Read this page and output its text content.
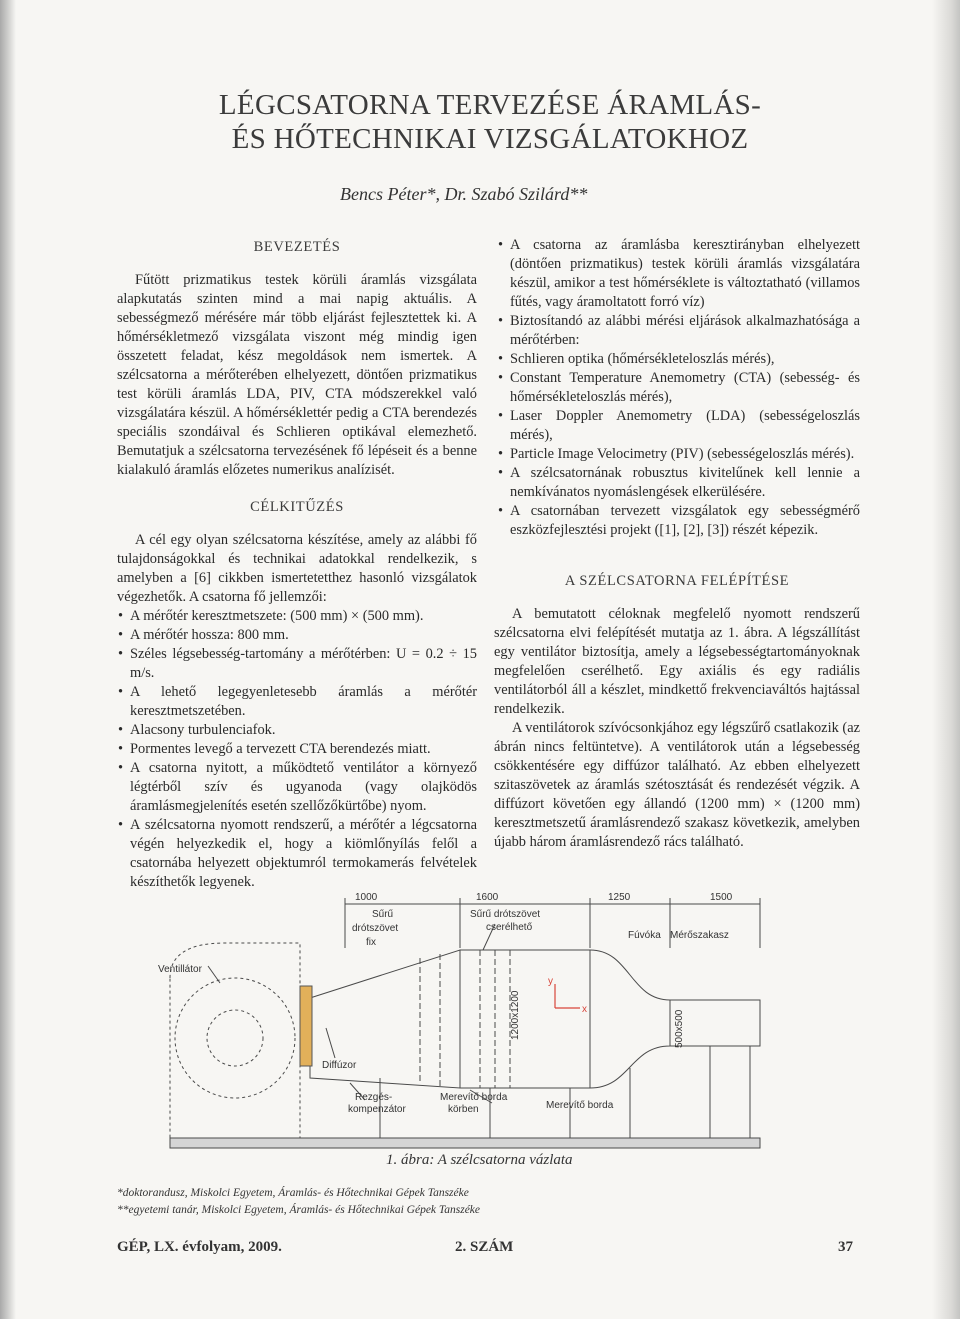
LÉGCSATORNA TERVEZÉSE ÁRAMLÁS-
ÉS HŐTECHNIKAI VIZSGÁLATOKHOZ
Bencs Péter*, Dr. Szabó Szilárd**
BEVEZETÉS

Fűtött prizmatikus testek körüli áramlás vizsgálata alapkutatás szinten mind a mai napig aktuális. A sebességmező mérésére már több eljárást fejlesztettek ki. A hőmérsékletmező vizsgálata viszont még mindig igen összetett feladat, kész megoldások nem ismertek. A szélcsatorna a mérőterében elhelyezett, döntően prizmatikus test körüli áramlás LDA, PIV, CTA módszerekkel való vizsgálatára készül. A hőmérséklettér pedig a CTA berendezés speciális szondáival és Schlieren optikával elemezhető. Bemutatjuk a szélcsatorna tervezésének fő lépéseit és a benne kialakuló áramlás előzetes numerikus analízisét.

CÉLKITŰZÉS

A cél egy olyan szélcsatorna készítése, amely az alábbi fő tulajdonságokkal és technikai adatokkal rendelkezik, s amelyben a [6] cikkben ismertetetthez hasonló vizsgálatok végezhetők. A csatorna fő jellemzői:

• A mérőtér keresztmetszete: (500 mm) × (500 mm).
• A mérőtér hossza: 800 mm.
• Széles légsebesség-tartomány a mérőtérben: U = 0.2 ÷ 15 m/s.
• A lehető legegyenletesebb áramlás a mérőtér keresztmetszetében.
• Alacsony turbulenciafok.
• Pormentes levegő a tervezett CTA berendezés miatt.
• A csatorna nyitott, a működtető ventilátor a környező légtérből szív és ugyanoda (vagy olajködös áramlásmegjelenítés esetén szellőzőkürtőbe) nyom.
• A szélcsatorna nyomott rendszerű, a mérőtér a légcsatorna végén helyezkedik el, hogy a kiömlőnyílás felől a csatornába helyezett objektumról termokamerás felvételek készíthetők legyenek.
• A csatorna az áramlásba keresztirányban elhelyezett (döntően prizmatikus) testek körüli áramlás vizsgálatára készül, amikor a test hőmérséklete is változtatható (villamos fűtés, vagy áramoltatott forró víz)
• Biztosítandó az alábbi mérési eljárások alkalmazhatósága a mérőtérben:
• Schlieren optika (hőmérsékleteloszlás mérés),
• Constant Temperature Anemometry (CTA) (sebesség- és hőmérsékleteloszlás mérés),
• Laser Doppler Anemometry (LDA) (sebességeloszlás mérés),
• Particle Image Velocimetry (PIV) (sebességeloszlás mérés).
• A szélcsatornának robusztus kivitelűnek kell lennie a nemkívánatos nyomáslengések elkerülésére.
• A csatornában tervezett vizsgálatok egy sebességmérő eszközfejlesztési projekt ([1], [2], [3]) részét képezik.
A SZÉLCSATORNA FELÉPÍTÉSE

A bemutatott céloknak megfelelő nyomott rendszerű szélcsatorna elvi felépítését mutatja az 1. ábra. A légszállítást egy ventilátor biztosítja, amely a légsebességtartományoknak megfelelően cserélhető. Egy axiális és egy radiális ventilátorból áll a készlet, mindkettő frekvenciaváltós hajtással rendelkezik.

A ventilátorok szívócsonkjához egy légszűrő csatlakozik (az ábrán nincs feltüntetve). A ventilátorok után a légsebesség csökkentésére egy diffúzor található. Az ebben elhelyezett szitaszövetek az áramlás szétosztását és rendezését végzik. A diffúzort követően egy állandó (1200 mm) × (1200 mm) keresztmetszetű áramlásrendező szakasz következik, amelyben újabb három áramlásrendező rács található.

1000	1600	1250	1500
Sűrű
drótszövet
fix
Sűrű drótszövet
cserélhető
Fúvóka Mérőszakasz
Ventillátor
Diffúzor
Rezgés-
kompenzátor
Merevítő borda
körben	Merevítő borda
1200x1200	500x500
x
y
1. ábra: A szélcsatorna vázlata
*doktorandusz, Miskolci Egyetem, Áramlás- és Hőtechnikai Gépek Tanszéke
**egyetemi tanár, Miskolci Egyetem, Áramlás- és Hőtechnikai Gépek Tanszéke
GÉP, LX. évfolyam, 2009.	2. SZÁM	37
